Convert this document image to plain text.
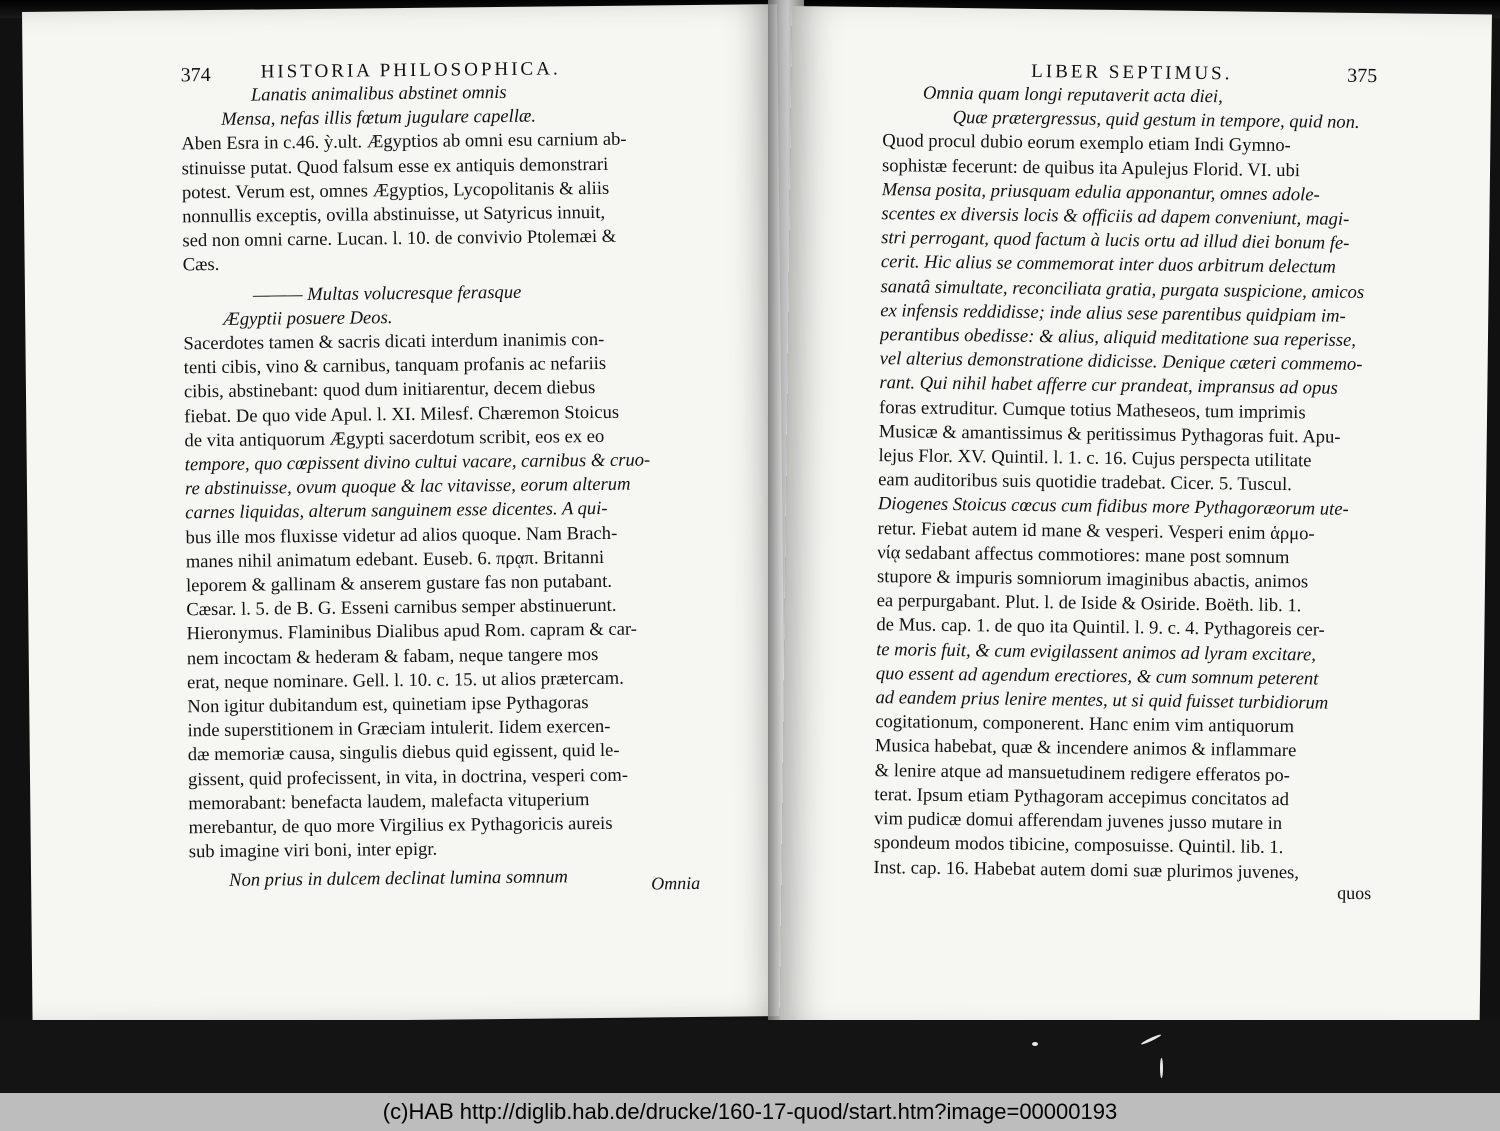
374	HISTORIA PHILOSOPHICA.
Lanatis animalibus abstinet omnis
Mensa, nefas illis fœtum jugulare capellæ.
Aben Esra in c.46. ỳ.ult. Ægyptios ab omni esu carnium ab-
stinuisse putat. Quod falsum esse ex antiquis demonstrari
potest. Verum est, omnes Ægyptios, Lycopolitanis & aliis
nonnullis exceptis, ovilla abstinuisse, ut Satyricus innuit,
sed non omni carne. Lucan. l. 10. de convivio Ptolemæi &
Cæs.
——— Multas volucresque ferasque
Ægyptii posuere Deos.
Sacerdotes tamen & sacris dicati interdum inanimis con-
tenti cibis, vino & carnibus, tanquam profanis ac nefariis
cibis, abstinebant: quod dum initiarentur, decem diebus
fiebat. De quo vide Apul. l. XI. Milesf. Chæremon Stoicus
de vita antiquorum Ægypti sacerdotum scribit, eos ex eo
tempore, quo cœpissent divino cultui vacare, carnibus & cruo-
re abstinuisse, ovum quoque & lac vitavisse, eorum alterum
carnes liquidas, alterum sanguinem esse dicentes. A qui-
bus ille mos fluxisse videtur ad alios quoque. Nam Brach-
manes nihil animatum edebant. Euseb. 6. πρᾳπ. Britanni
leporem & gallinam & anserem gustare fas non putabant.
Cæsar. l. 5. de B. G. Esseni carnibus semper abstinuerunt.
Hieronymus. Flaminibus Dialibus apud Rom. capram & car-
nem incoctam & hederam & fabam, neque tangere mos
erat, neque nominare. Gell. l. 10. c. 15. ut alios prætercam.
Non igitur dubitandum est, quinetiam ipse Pythagoras
inde superstitionem in Græciam intulerit. Iidem exercen-
dæ memoriæ causa, singulis diebus quid egissent, quid le-
gissent, quid profecissent, in vita, in doctrina, vesperi com-
memorabant: benefacta laudem, malefacta vituperium
merebantur, de quo more Virgilius ex Pythagoricis aureis
sub imagine viri boni, inter epigr.
Non prius in dulcem declinat lumina somnum	Omnia
LIBER SEPTIMUS.	375
Omnia quam longi reputaverit acta diei,
Quæ prætergressus, quid gestum in tempore, quid non.
Quod procul dubio eorum exemplo etiam Indi Gymno-
sophistæ fecerunt: de quibus ita Apulejus Florid. VI. ubi
Mensa posita, priusquam edulia apponantur, omnes adole-
scentes ex diversis locis & officiis ad dapem conveniunt, magi-
stri perrogant, quod factum à lucis ortu ad illud diei bonum fe-
cerit. Hic alius se commemorat inter duos arbitrum delectum
sanatâ simultate, reconciliata gratia, purgata suspicione, amicos
ex infensis reddidisse; inde alius sese parentibus quidpiam im-
perantibus obedisse: & alius, aliquid meditatione sua reperisse,
vel alterius demonstratione didicisse. Denique cæteri commemo-
rant. Qui nihil habet afferre cur prandeat, impransus ad opus
foras extruditur. Cumque totius Matheseos, tum imprimis
Musicæ & amantissimus & peritissimus Pythagoras fuit. Apu-
lejus Flor. XV. Quintil. l. 1. c. 16. Cujus perspecta utilitate
eam auditoribus suis quotidie tradebat. Cicer. 5. Tuscul.
Diogenes Stoicus cœcus cum fidibus more Pythagoræorum ute-
retur. Fiebat autem id mane & vesperi. Vesperi enim ἁρμο-
νίᾳ sedabant affectus commotiores: mane post somnum
stupore & impuris somniorum imaginibus abactis, animos
ea perpurgabant. Plut. l. de Iside & Osiride. Boëth. lib. 1.
de Mus. cap. 1. de quo ita Quintil. l. 9. c. 4. Pythagoreis cer-
te moris fuit, & cum evigilassent animos ad lyram excitare,
quo essent ad agendum erectiores, & cum somnum peterent
ad eandem prius lenire mentes, ut si quid fuisset turbidiorum
cogitationum, componerent. Hanc enim vim antiquorum
Musica habebat, quæ & incendere animos & inflammare
& lenire atque ad mansuetudinem redigere efferatos po-
terat. Ipsum etiam Pythagoram accepimus concitatos ad
vim pudicæ domui afferendam juvenes jusso mutare in
spondeum modos tibicine, composuisse. Quintil. lib. 1.
Inst. cap. 16. Habebat autem domi suæ plurimos juvenes,
quos
(c)HAB http://diglib.hab.de/drucke/160-17-quod/start.htm?image=00000193
